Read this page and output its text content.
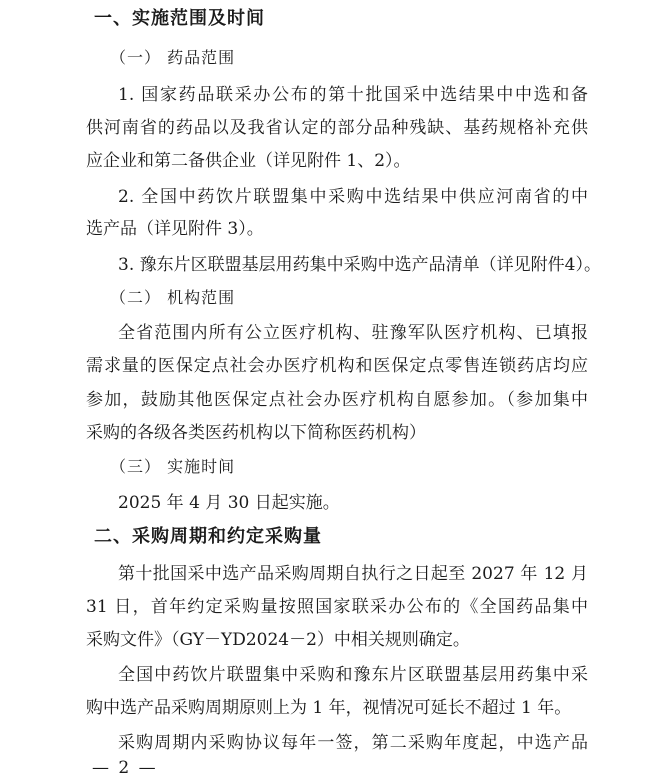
一、实施范围及时间
（一） 药品范围
1. 国家药品联采办公布的第十批国采中选结果中中选和备
供河南省的药品以及我省认定的部分品种残缺、基药规格补充供
应企业和第二备供企业（详见附件 1、2）。
2. 全国中药饮片联盟集中采购中选结果中供应河南省的中
选产品（详见附件 3）。
3. 豫东片区联盟基层用药集中采购中选产品清单（详见附件4）。
（二） 机构范围
全省范围内所有公立医疗机构、驻豫军队医疗机构、已填报
需求量的医保定点社会办医疗机构和医保定点零售连锁药店均应
参加，鼓励其他医保定点社会办医疗机构自愿参加。（参加集中
采购的各级各类医药机构以下简称医药机构）
（三） 实施时间
2025 年 4 月 30 日起实施。
二、采购周期和约定采购量
第十批国采中选产品采购周期自执行之日起至 2027 年 12 月
31 日，首年约定采购量按照国家联采办公布的《全国药品集中
采购文件》（GY－YD2024－2）中相关规则确定。
全国中药饮片联盟集中采购和豫东片区联盟基层用药集中采
购中选产品采购周期原则上为 1 年，视情况可延长不超过 1 年。
采购周期内采购协议每年一签，第二采购年度起，中选产品
— 2 —
